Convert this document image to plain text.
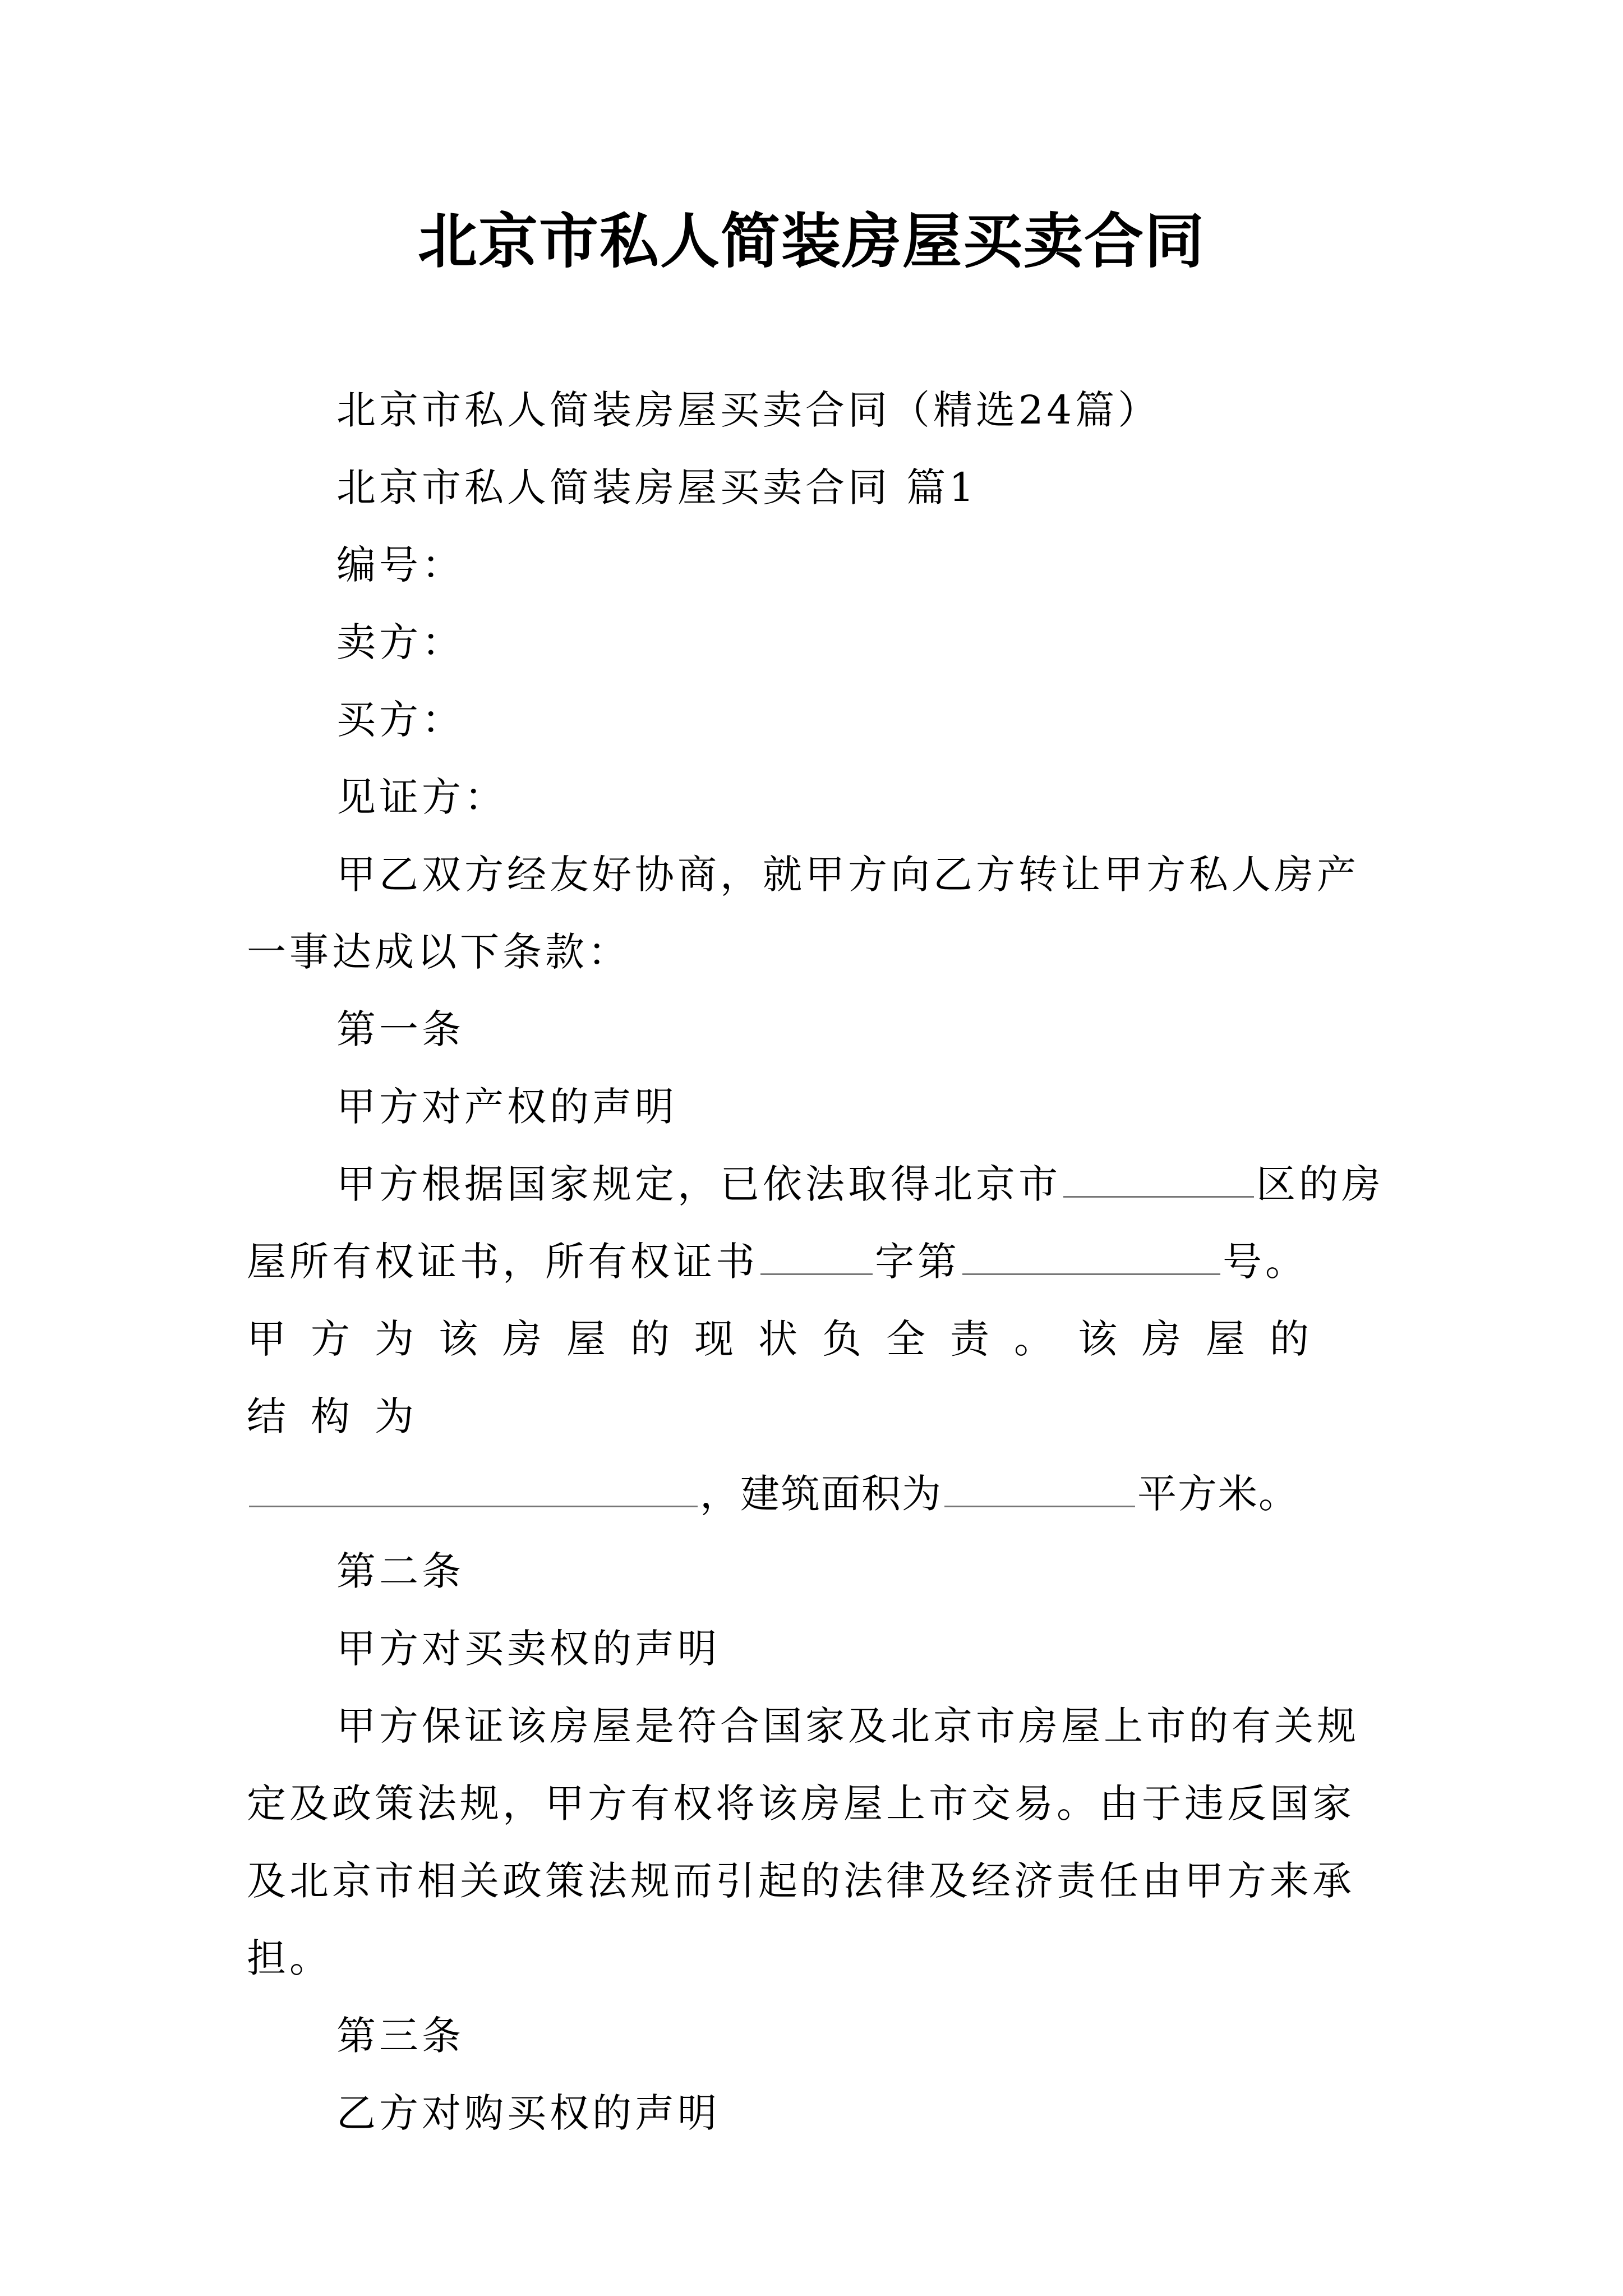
北京市私人简装房屋买卖合同

北京市私人简装房屋买卖合同（精选24篇）

北京市私人简装房屋买卖合同 篇1

编号：

卖方：

买方：

见证方：

甲乙双方经友好协商，就甲方向乙方转让甲方私人房产一事达成以下条款：

第一条

甲方对产权的声明

甲方根据国家规定，已依法取得北京市	区的房屋所有权证书，所有权证书	字第	号。

甲方为该房屋的现状负全责。该房屋的结构为

，建筑面积为	平方米。

第二条

甲方对买卖权的声明

甲方保证该房屋是符合国家及北京市房屋上市的有关规定及政策法规，甲方有权将该房屋上市交易。由于违反国家及北京市相关政策法规而引起的法律及经济责任由甲方来承担。

第三条

乙方对购买权的声明
